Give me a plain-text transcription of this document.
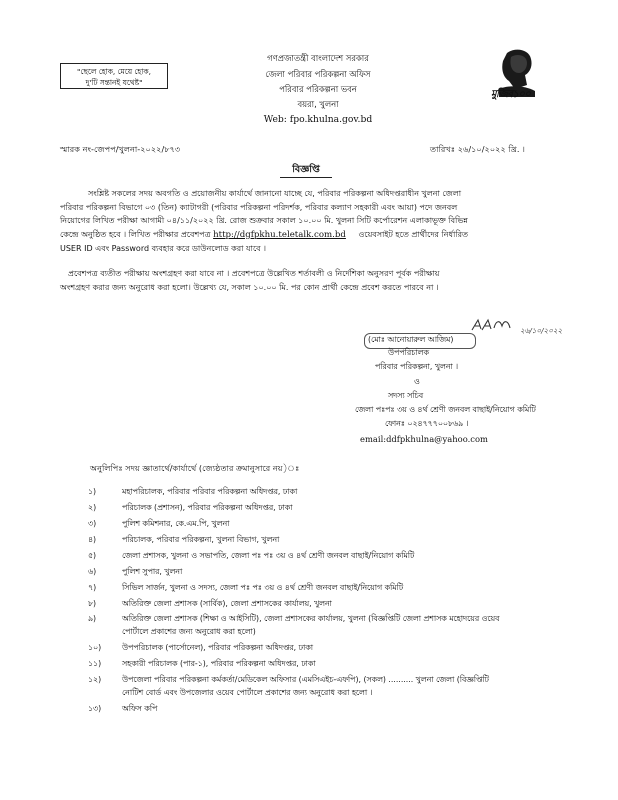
"ছেলে হোক, মেয়ে হোক,
দু'টি সন্তানই যথেষ্ট"
গণপ্রজাতন্ত্রী বাংলাদেশ সরকার
জেলা পরিবার পরিকল্পনা অফিস
পরিবার পরিকল্পনা ভবন
বয়রা, খুলনা
Web: fpo.khulna.gov.bd
মুজিব১০০
স্মারক নং-জেপপ/খুলনা-২০২২/৮৭৩	তারিখঃ ২৬/১০/২০২২ খ্রি. ।
বিজ্ঞপ্তি
সংশ্লিষ্ট সকলের সদয় অবগতি ও প্রয়োজনীয় কার্যার্থে জানানো যাচ্ছে যে, পরিবার পরিকল্পনা অধিদপ্তরাধীন খুলনা জেলা
পরিবার পরিকল্পনা বিভাগে ০৩ (তিন) ক্যাটাগরী (পরিবার পরিকল্পনা পরিদর্শক, পরিবার কল্যাণ সহকারী এবং আয়া) পদে জনবল
নিয়োগের লিখিত পরীক্ষা আগামী ০৪/১১/২০২২ খ্রি. রোজ শুক্রবার সকাল ১০.০০ মি. খুলনা সিটি কর্পোরেশন এলাকাভূক্ত বিভিন্ন
কেন্দ্রে অনুষ্ঠিত হবে । লিখিত পরীক্ষার প্রবেশপত্র http://dgfpkhu.teletalk.com.bd ওয়েবসাইট হতে প্রার্থীদের নির্ধারিত
USER ID এবং Password ব্যবহার করে ডাউনলোড করা যাবে ।
প্রবেশপত্র ব্যতীত পরীক্ষায় অংশগ্রহণ করা যাবে না । প্রবেশপত্রে উল্লেখিত শর্তাবলী ও নির্দেশিকা অনুসরণ পূর্বক পরীক্ষায়
অংশগ্রহণ করার জন্য অনুরোধ করা হলো। উল্লেখ্য যে, সকাল ১০.০০ মি. পর কোন প্রার্থী কেন্দ্রে প্রবেশ করতে পারবে না ।
২৬/১০/২০২২
(মোঃ আনোয়ারুল আজিম)
উপপরিচালক
পরিবার পরিকল্পনা, খুলনা ।
ও
সদস্য সচিব
জেলা পঃপঃ ৩য় ও ৪র্থ শ্রেণী জনবল বাছাই/নিয়োগ কমিটি
ফোনঃ ০২৪৭৭৭০০৮৬৯ ।
email:ddfpkhulna@yahoo.com
অনুলিপিঃ সদয় জ্ঞাতার্থে/কার্যার্থে (জ্যেষ্ঠতার ক্রমানুসারে নয়)ঃ
১)	মহাপরিচালক, পরিবার পরিবার পরিকল্পনা অধিদপ্তর, ঢাকা
২)	পরিচালক (প্রশাসন), পরিবার পরিকল্পনা অধিদপ্তর, ঢাকা
৩)	পুলিশ কমিশনার, কে.এম.পি, খুলনা
৪)	পরিচালক, পরিবার পরিকল্পনা, খুলনা বিভাগ, খুলনা
৫)	জেলা প্রশাসক, খুলনা ও সভাপতি, জেলা পঃ পঃ ৩য় ও ৪র্থ শ্রেণী জনবল বাছাই/নিয়োগ কমিটি
৬)	পুলিশ সুপার, খুলনা
৭)	সিভিল সার্জন, খুলনা ও সদস্য, জেলা পঃ পঃ ৩য় ও ৪র্থ শ্রেণী জনবল বাছাই/নিয়োগ কমিটি
৮)	অতিরিক্ত জেলা প্রশাসক (সার্বিক), জেলা প্রশাসকের কার্যালয়, খুলনা
৯)	অতিরিক্ত জেলা প্রশাসক (শিক্ষা ও আইসিটি), জেলা প্রশাসকের কার্যালয়, খুলনা (বিজ্ঞপ্তিটি জেলা প্রশাসক মহোদয়ের ওয়েব
পোর্টালে প্রকাশের জন্য অনুরোধ করা হলো)
১০)	উপপরিচালক (পার্সোনেল), পরিবার পরিকল্পনা অধিদপ্তর, ঢাকা
১১)	সহকারী পরিচালক (পার-১), পরিবার পরিকল্পনা অধিদপ্তর, ঢাকা
১২)	উপজেলা পরিবার পরিকল্পনা কর্মকর্তা/মেডিকেল অফিসার (এমসিএইচ-এফপি), (সকল) .......... খুলনা জেলা (বিজ্ঞপ্তিটি
নোটিশ বোর্ড এবং উপজেলার ওয়েব পোর্টালে প্রকাশের জন্য অনুরোধ করা হলো ।
১৩)	অফিস কপি
